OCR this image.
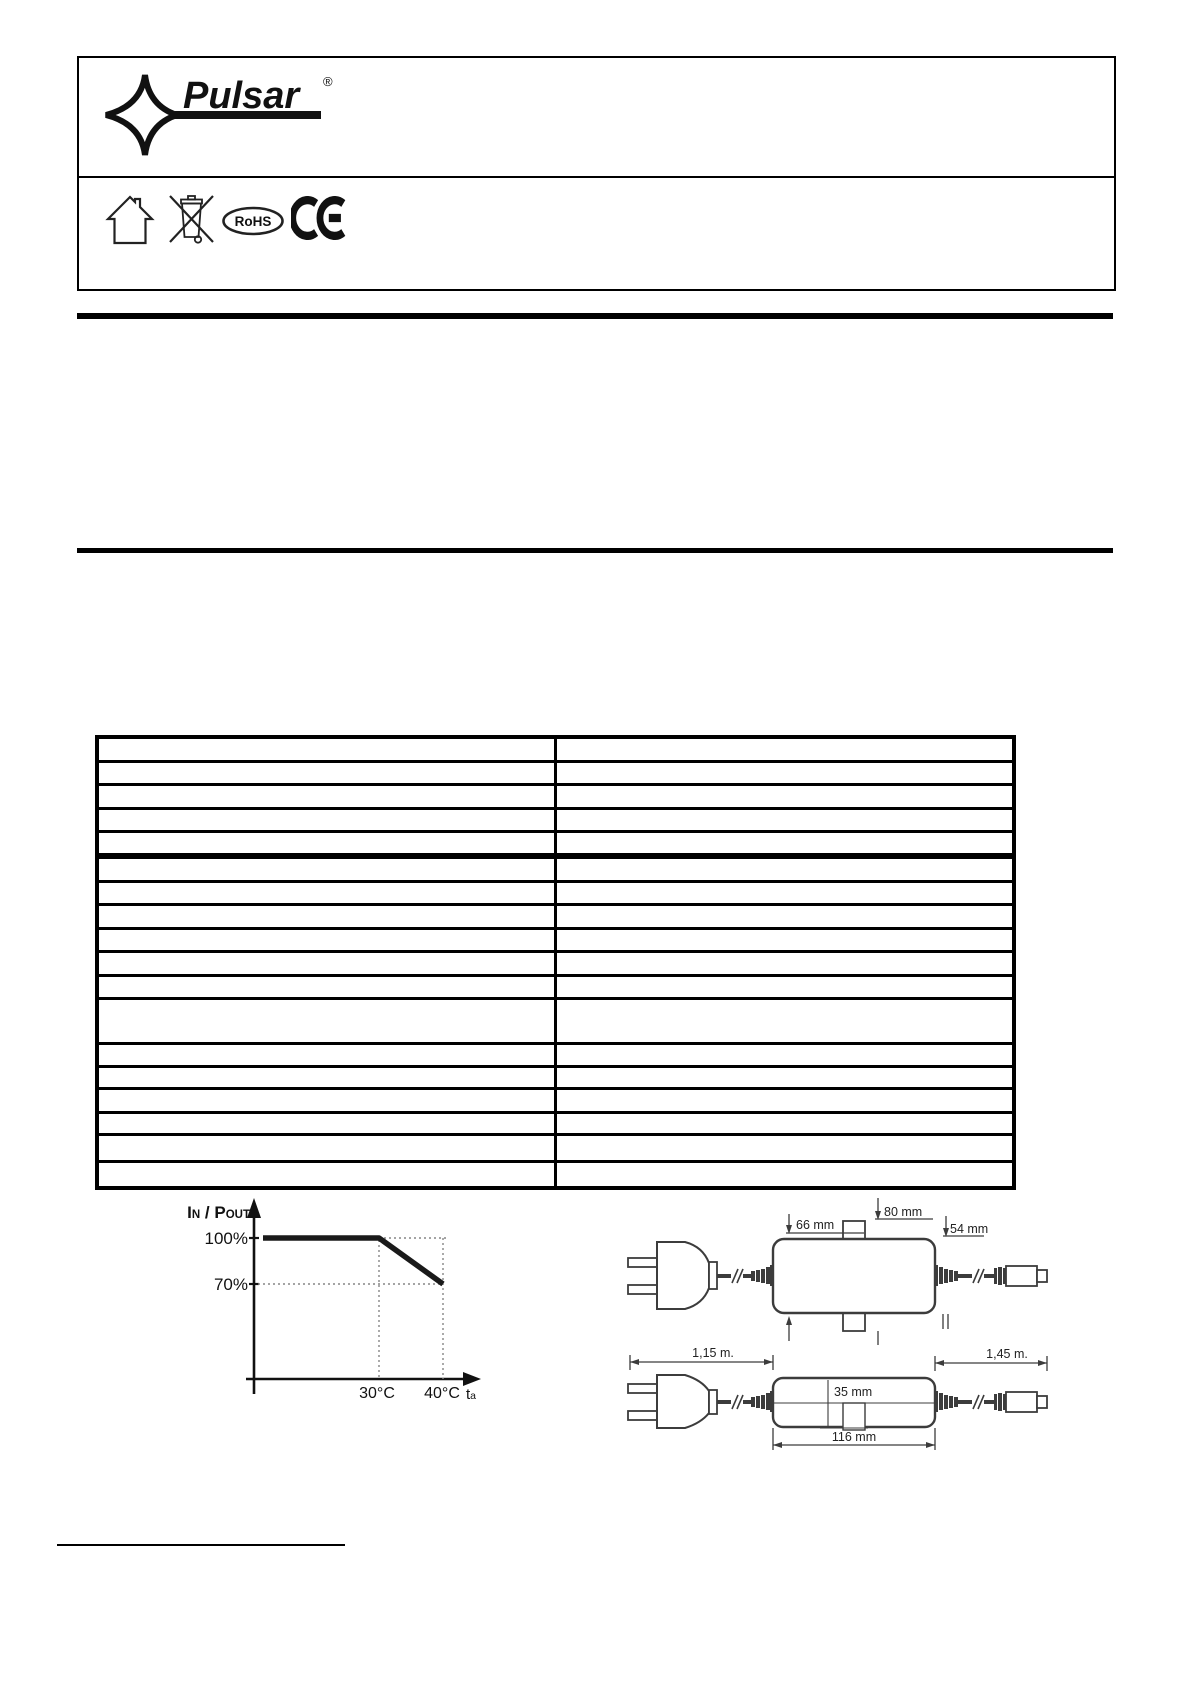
Pulsar ®
RoHS

IN / POUT
100%
70%
30°C 40°C ta
66 mm
80 mm
54 mm
1,15 m.	1,45 m.
35 mm
116 mm
